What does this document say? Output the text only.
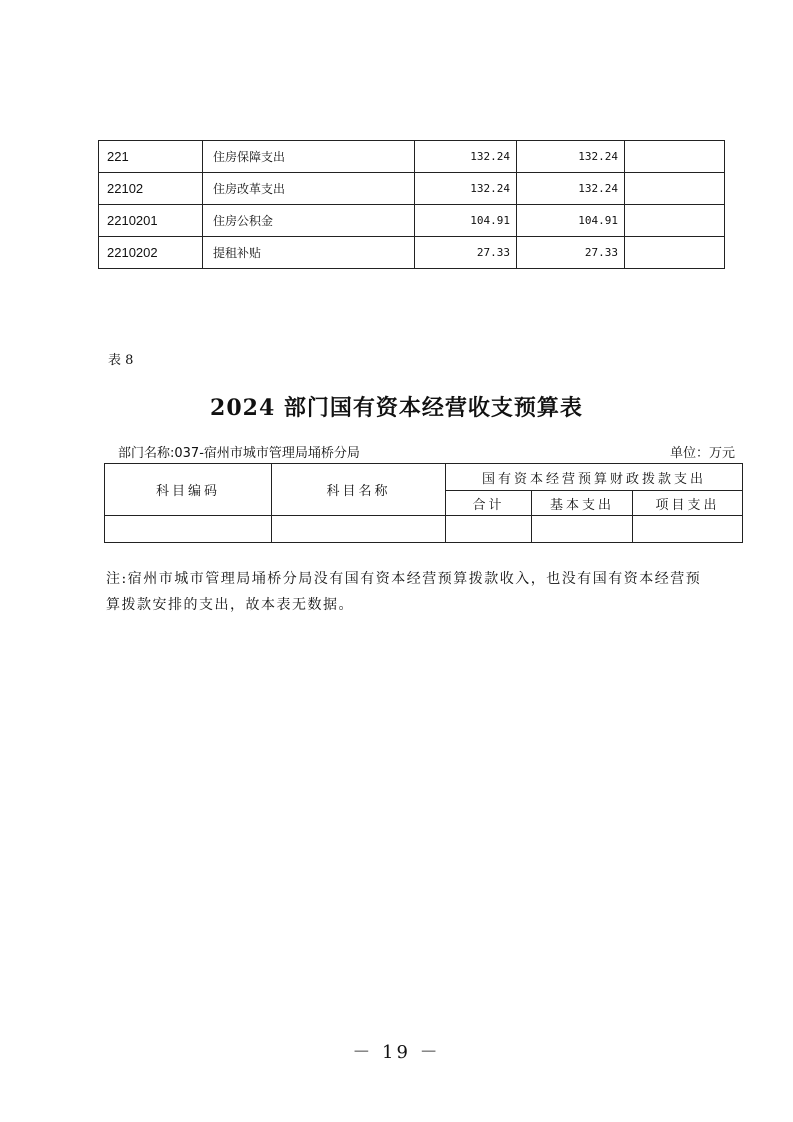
221	住房保障支出	132.24	132.24	
22102	住房改革支出	132.24	132.24	
2210201	住房公积金	104.91	104.91	
2210202	提租补贴	27.33	27.33	
表 8
2024 部门国有资本经营收支预算表
部门名称:037-宿州市城市管理局埇桥分局	单位：万元
科目编码	科目名称	国有资本经营预算财政拨款支出		
		合计	基本支出	项目支出

注:宿州市城市管理局埇桥分局没有国有资本经营预算拨款收入，也没有国有资本经营预算拨款安排的支出，故本表无数据。
－ 19 －
